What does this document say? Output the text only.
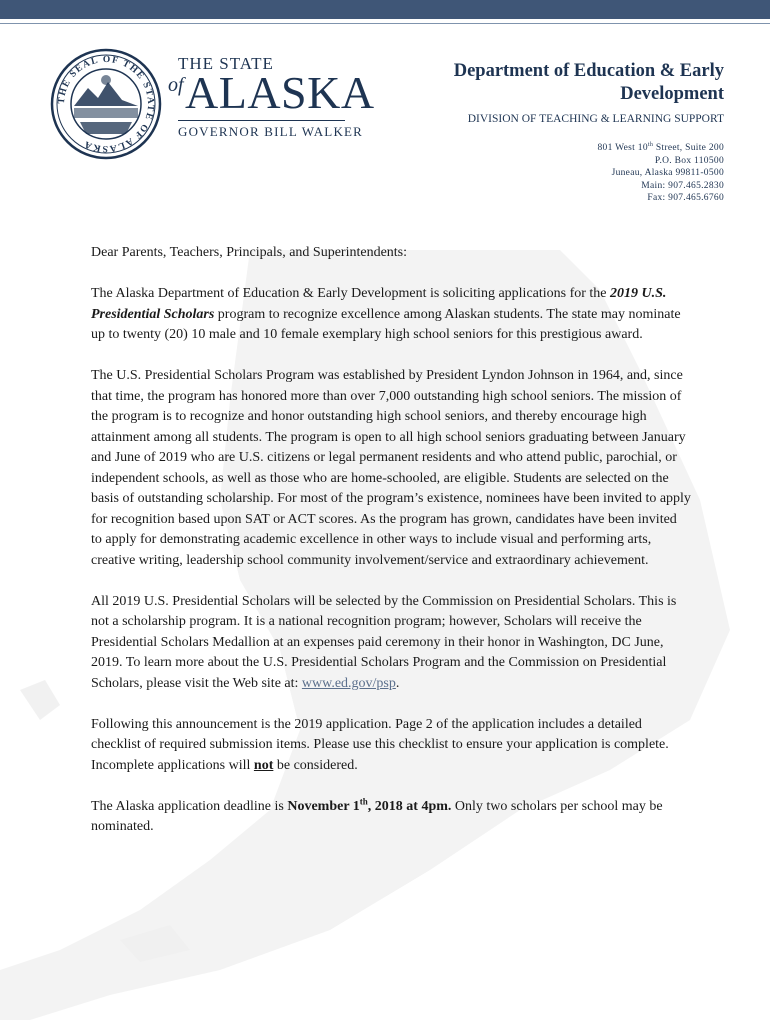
THE SEAL OF THE STATE OF ALASKA
THE STATE
of ALASKA
GOVERNOR BILL WALKER
Department of Education & Early Development
DIVISION OF TEACHING & LEARNING SUPPORT
801 West 10th Street, Suite 200
P.O. Box 110500
Juneau, Alaska 99811-0500
Main: 907.465.2830
Fax: 907.465.6760

Dear Parents, Teachers, Principals, and Superintendents:

The Alaska Department of Education & Early Development is soliciting applications for the 2019 U.S. Presidential Scholars program to recognize excellence among Alaskan students. The state may nominate up to twenty (20) 10 male and 10 female exemplary high school seniors for this prestigious award.

The U.S. Presidential Scholars Program was established by President Lyndon Johnson in 1964, and, since that time, the program has honored more than over 7,000 outstanding high school seniors. The mission of the program is to recognize and honor outstanding high school seniors, and thereby encourage high attainment among all students. The program is open to all high school seniors graduating between January and June of 2019 who are U.S. citizens or legal permanent residents and who attend public, parochial, or independent schools, as well as those who are home-schooled, are eligible. Students are selected on the basis of outstanding scholarship. For most of the program’s existence, nominees have been invited to apply for recognition based upon SAT or ACT scores. As the program has grown, candidates have been invited to apply for demonstrating academic excellence in other ways to include visual and performing arts, creative writing, leadership school community involvement/service and extraordinary achievement.

All 2019 U.S. Presidential Scholars will be selected by the Commission on Presidential Scholars. This is not a scholarship program. It is a national recognition program; however, Scholars will receive the Presidential Scholars Medallion at an expenses paid ceremony in their honor in Washington, DC June, 2019. To learn more about the U.S. Presidential Scholars Program and the Commission on Presidential Scholars, please visit the Web site at: www.ed.gov/psp.

Following this announcement is the 2019 application. Page 2 of the application includes a detailed checklist of required submission items. Please use this checklist to ensure your application is complete. Incomplete applications will not be considered.

The Alaska application deadline is November 1th, 2018 at 4pm. Only two scholars per school may be nominated.
